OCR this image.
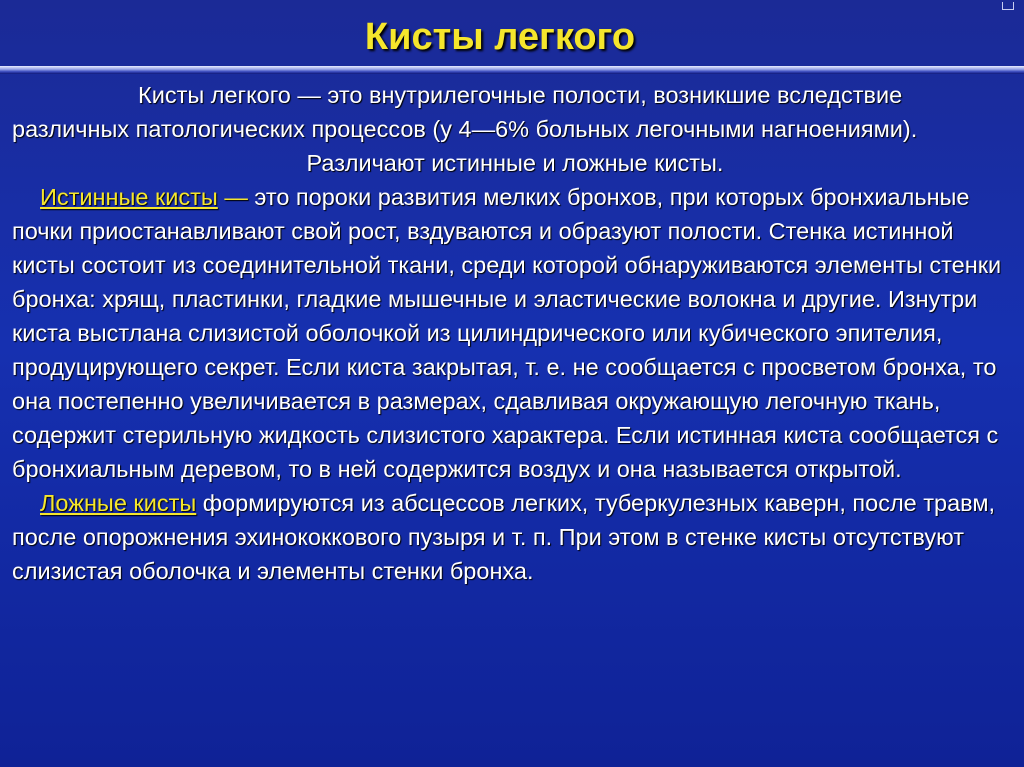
Кисты легкого

Кисты легкого — это внутрилегочные полости, возникшие вследствие различных патологических процессов (у 4—6% больных легочными нагноениями).

Различают истинные и ложные кисты.

Истинные кисты — это пороки развития мелких бронхов, при которых бронхиальные почки приостанавливают свой рост, вздуваются и образуют полости. Стенка истинной кисты состоит из соединительной ткани, среди которой обнаруживаются элементы стенки бронха: хрящ, пластинки, гладкие мышечные и эластические волокна и другие. Изнутри киста выстлана слизистой оболочкой из цилиндрического или кубического эпителия, продуцирующего секрет. Если киста закрытая, т. е. не сообщается с просветом бронха, то она постепенно увеличивается в размерах, сдавливая окружающую легочную ткань, содержит стерильную жидкость слизистого характера. Если истинная киста сообщается с бронхиальным деревом, то в ней содержится воздух и она называется открытой.

Ложные кисты формируются из абсцессов легких, туберкулезных каверн, после травм, после опорожнения эхинококкового пузыря и т. п. При этом в стенке кисты отсутствуют слизистая оболочка и элементы стенки бронха.
